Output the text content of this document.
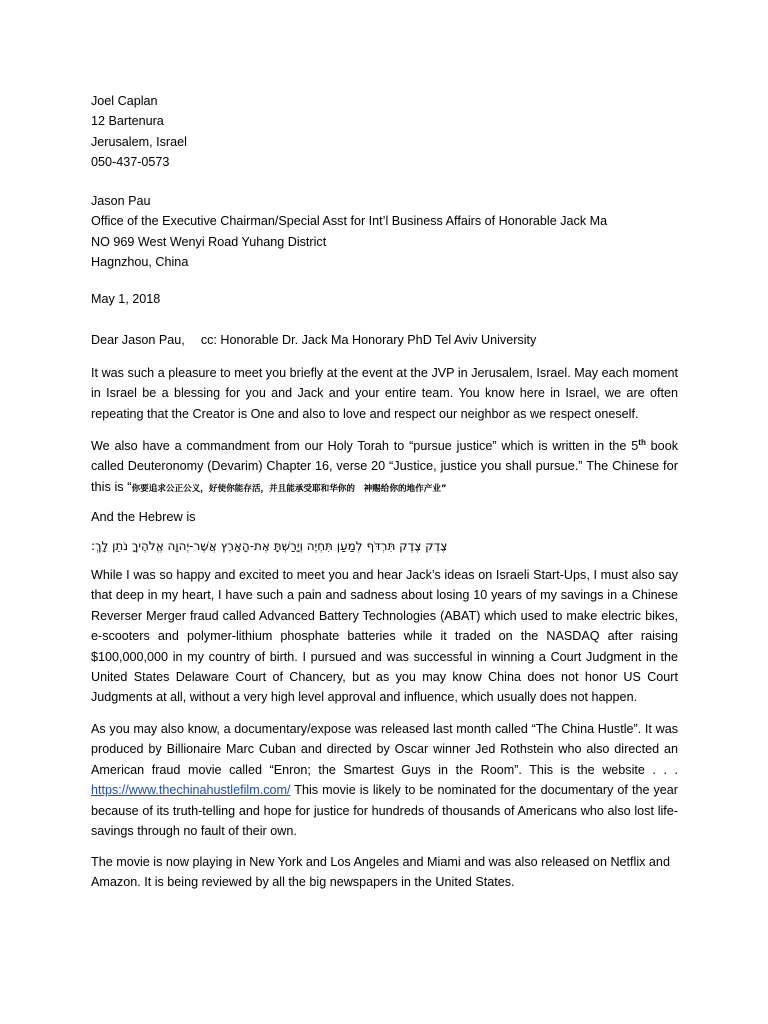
Joel Caplan
12 Bartenura
Jerusalem, Israel
050-437-0573
Jason Pau
Office of the Executive Chairman/Special Asst for Int’l Business Affairs of Honorable Jack Ma
NO 969 West Wenyi Road Yuhang District
Hagnzhou, China
May 1, 2018
Dear Jason Pau, cc: Honorable Dr. Jack Ma Honorary PhD Tel Aviv University
It was such a pleasure to meet you briefly at the event at the JVP in Jerusalem, Israel. May each moment in Israel be a blessing for you and Jack and your entire team. You know here in Israel, we are often repeating that the Creator is One and also to love and respect our neighbor as we respect oneself.
We also have a commandment from our Holy Torah to “pursue justice” which is written in the 5th book called Deuteronomy (Devarim) Chapter 16, verse 20 “Justice, justice you shall pursue.” The Chinese for this is “你要追求公正公义，好使你能存活，并且能承受耶和华你的　神赐给你的地作产业”
And the Hebrew is
צֶדֶק צֶדֶק תִּרְדֹּף לְמַעַן תִּחְיֶה וְיָרַשְׁתָּ אֶת-הָאָרֶץ אֲשֶׁר-יְהוָה אֱלֹהֶיךָ נֹתֵן לָךְ:
While I was so happy and excited to meet you and hear Jack’s ideas on Israeli Start-Ups, I must also say that deep in my heart, I have such a pain and sadness about losing 10 years of my savings in a Chinese Reverser Merger fraud called Advanced Battery Technologies (ABAT) which used to make electric bikes, e-scooters and polymer-lithium phosphate batteries while it traded on the NASDAQ after raising $100,000,000 in my country of birth. I pursued and was successful in winning a Court Judgment in the United States Delaware Court of Chancery, but as you may know China does not honor US Court Judgments at all, without a very high level approval and influence, which usually does not happen.
As you may also know, a documentary/expose was released last month called “The China Hustle”. It was produced by Billionaire Marc Cuban and directed by Oscar winner Jed Rothstein who also directed an American fraud movie called “Enron; the Smartest Guys in the Room”. This is the website . . . https://www.thechinahustlefilm.com/ This movie is likely to be nominated for the documentary of the year because of its truth-telling and hope for justice for hundreds of thousands of Americans who also lost life-savings through no fault of their own.
The movie is now playing in New York and Los Angeles and Miami and was also released on Netflix and Amazon. It is being reviewed by all the big newspapers in the United States.
